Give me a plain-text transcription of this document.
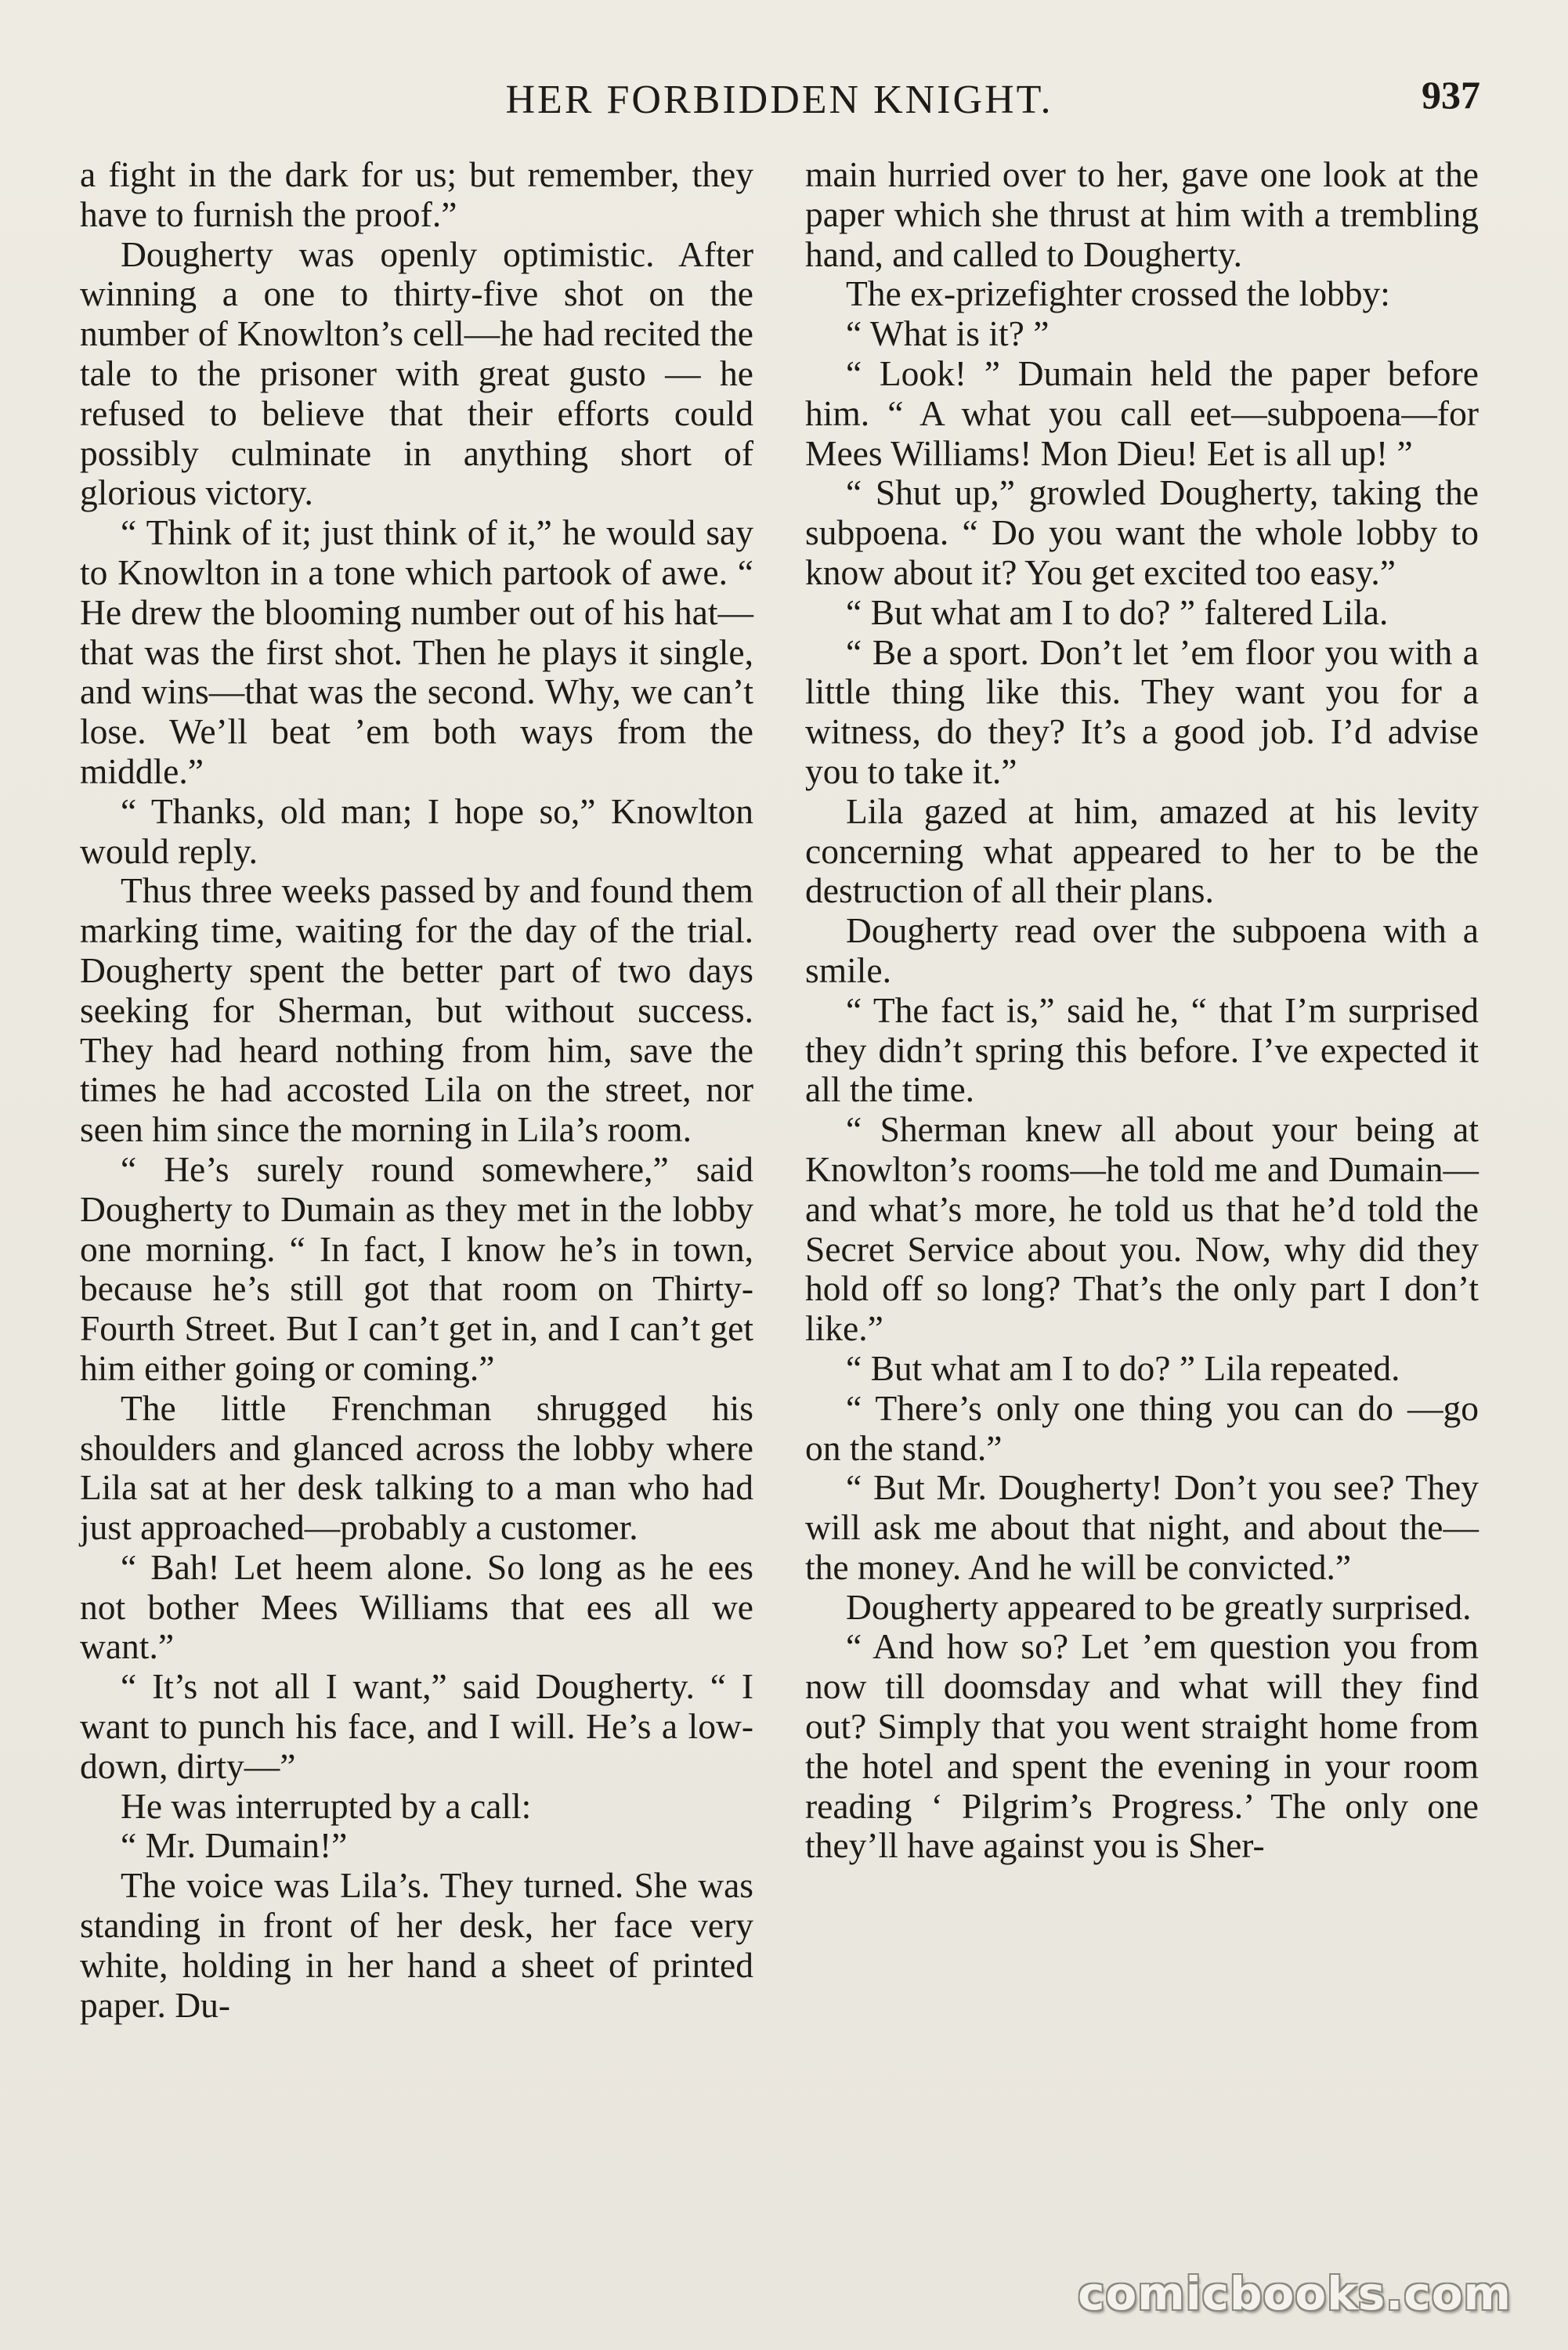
HER FORBIDDEN KNIGHT.	937

a fight in the dark for us; but remember, they have to furnish the proof.”

Dougherty was openly optimistic. After winning a one to thirty-five shot on the number of Knowlton’s cell—he had recited the tale to the prisoner with great gusto — he refused to believe that their efforts could possibly culminate in anything short of glorious victory.

“ Think of it; just think of it,” he would say to Knowlton in a tone which partook of awe. “ He drew the blooming number out of his hat—that was the first shot. Then he plays it single, and wins—that was the second. Why, we can’t lose. We’ll beat ’em both ways from the middle.”

“ Thanks, old man; I hope so,” Knowlton would reply.

Thus three weeks passed by and found them marking time, waiting for the day of the trial. Dougherty spent the better part of two days seeking for Sherman, but without success. They had heard nothing from him, save the times he had accosted Lila on the street, nor seen him since the morning in Lila’s room.

“ He’s surely round somewhere,” said Dougherty to Dumain as they met in the lobby one morning. “ In fact, I know he’s in town, because he’s still got that room on Thirty-Fourth Street. But I can’t get in, and I can’t get him either going or coming.”

The little Frenchman shrugged his shoulders and glanced across the lobby where Lila sat at her desk talking to a man who had just approached—probably a customer.

“ Bah! Let heem alone. So long as he ees not bother Mees Williams that ees all we want.”

“ It’s not all I want,” said Dougherty. “ I want to punch his face, and I will. He’s a low-down, dirty—”

He was interrupted by a call:

“ Mr. Dumain!”

The voice was Lila’s. They turned. She was standing in front of her desk, her face very white, holding in her hand a sheet of printed paper. Du-

main hurried over to her, gave one look at the paper which she thrust at him with a trembling hand, and called to Dougherty.

The ex-prizefighter crossed the lobby:

“ What is it? ”

“ Look! ” Dumain held the paper before him. “ A what you call eet—subpoena—for Mees Williams! Mon Dieu! Eet is all up! ”

“ Shut up,” growled Dougherty, taking the subpoena. “ Do you want the whole lobby to know about it? You get excited too easy.”

“ But what am I to do? ” faltered Lila.

“ Be a sport. Don’t let ’em floor you with a little thing like this. They want you for a witness, do they? It’s a good job. I’d advise you to take it.”

Lila gazed at him, amazed at his levity concerning what appeared to her to be the destruction of all their plans.

Dougherty read over the subpoena with a smile.

“ The fact is,” said he, “ that I’m surprised they didn’t spring this before. I’ve expected it all the time.

“ Sherman knew all about your being at Knowlton’s rooms—he told me and Dumain—and what’s more, he told us that he’d told the Secret Service about you. Now, why did they hold off so long? That’s the only part I don’t like.”

“ But what am I to do? ” Lila repeated.

“ There’s only one thing you can do —go on the stand.”

“ But Mr. Dougherty! Don’t you see? They will ask me about that night, and about the—the money. And he will be convicted.”

Dougherty appeared to be greatly surprised.

“ And how so? Let ’em question you from now till doomsday and what will they find out? Simply that you went straight home from the hotel and spent the evening in your room reading ‘ Pilgrim’s Progress.’ The only one they’ll have against you is Sher-

comicbooks.com
